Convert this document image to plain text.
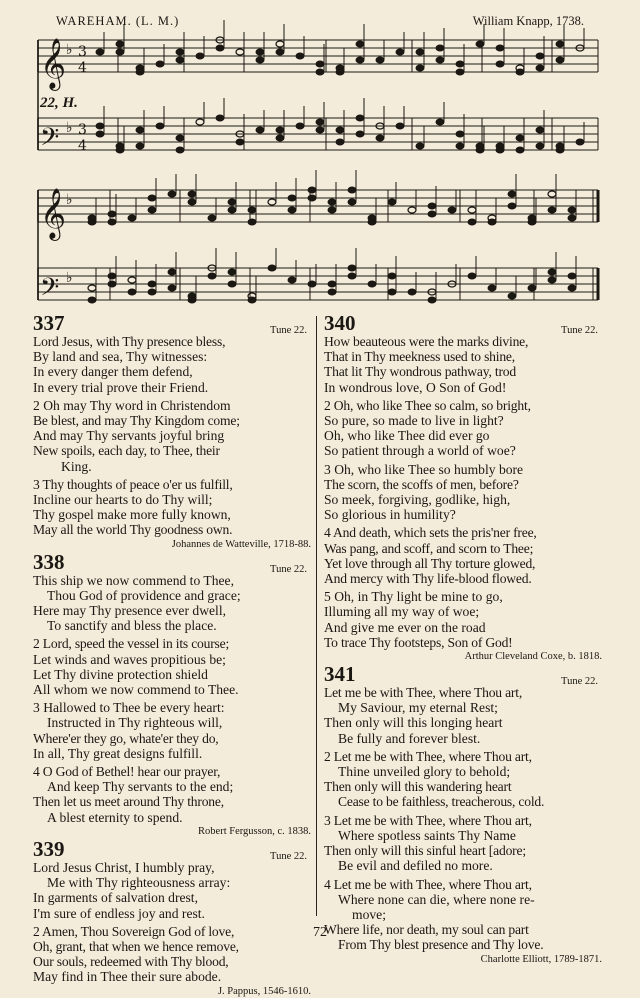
WAREHAM. (L. M.)	William Knapp, 1738.
22, H.
𝄞
𝄢
𝄞
𝄢
♭
♭
♭
♭
3
4
3
4
337	Tune 22.
Lord Jesus, with Thy presence bless,
By land and sea, Thy witnesses:
In every danger them defend,
In every trial prove their Friend.
2 Oh may Thy word in Christendom
Be blest, and may Thy Kingdom come;
And may Thy servants joyful bring
New spoils, each day, to Thee, their
King.
3 Thy thoughts of peace o'er us fulfill,
Incline our hearts to do Thy will;
Thy gospel make more fully known,
May all the world Thy goodness own.
Johannes de Watteville, 1718-88.
338	Tune 22.
This ship we now commend to Thee,
Thou God of providence and grace;
Here may Thy presence ever dwell,
To sanctify and bless the place.
2 Lord, speed the vessel in its course;
Let winds and waves propitious be;
Let Thy divine protection shield
All whom we now commend to Thee.
3 Hallowed to Thee be every heart:
Instructed in Thy righteous will,
Where'er they go, whate'er they do,
In all, Thy great designs fulfill.
4 O God of Bethel! hear our prayer,
And keep Thy servants to the end;
Then let us meet around Thy throne,
A blest eternity to spend.
Robert Fergusson, c. 1838.
339	Tune 22.
Lord Jesus Christ, I humbly pray,
Me with Thy righteousness array:
In garments of salvation drest,
I'm sure of endless joy and rest.
2 Amen, Thou Sovereign God of love,
Oh, grant, that when we hence remove,
Our souls, redeemed with Thy blood,
May find in Thee their sure abode.
J. Pappus, 1546-1610.
340	Tune 22.
How beauteous were the marks divine,
That in Thy meekness used to shine,
That lit Thy wondrous pathway, trod
In wondrous love, O Son of God!
2 Oh, who like Thee so calm, so bright,
So pure, so made to live in light?
Oh, who like Thee did ever go
So patient through a world of woe?
3 Oh, who like Thee so humbly bore
The scorn, the scoffs of men, before?
So meek, forgiving, godlike, high,
So glorious in humility?
4 And death, which sets the pris'ner free,
Was pang, and scoff, and scorn to Thee;
Yet love through all Thy torture glowed,
And mercy with Thy life-blood flowed.
5 Oh, in Thy light be mine to go,
Illuming all my way of woe;
And give me ever on the road
To trace Thy footsteps, Son of God!
Arthur Cleveland Coxe, b. 1818.
341	Tune 22.
Let me be with Thee, where Thou art,
My Saviour, my eternal Rest;
Then only will this longing heart
Be fully and forever blest.
2 Let me be with Thee, where Thou art,
Thine unveiled glory to behold;
Then only will this wandering heart
Cease to be faithless, treacherous, cold.
3 Let me be with Thee, where Thou art,
Where spotless saints Thy Name
Then only will this sinful heart [adore;
Be evil and defiled no more.
4 Let me be with Thee, where Thou art,
Where none can die, where none re-
move;
Where life, nor death, my soul can part
From Thy blest presence and Thy love.
Charlotte Elliott, 1789-1871.
72
